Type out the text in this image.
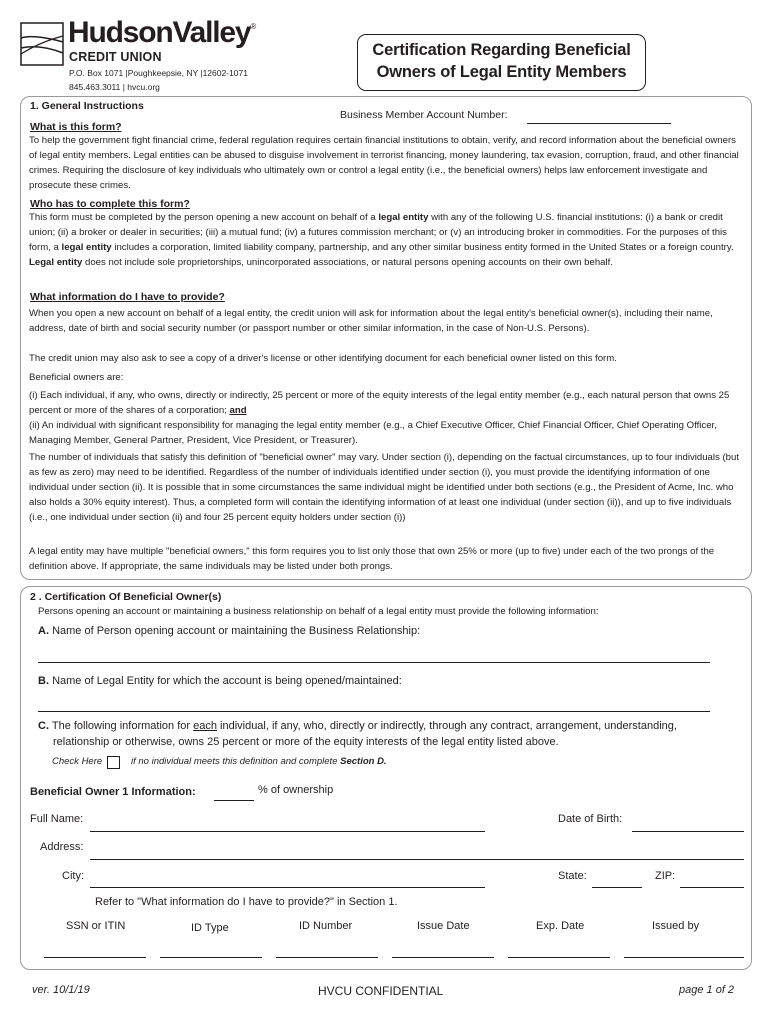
HudsonValley®
CREDIT UNION
P.O. Box 1071 |Poughkeepsie, NY |12602-1071
845.463.3011 | hvcu.org
Certification Regarding Beneficial
Owners of Legal Entity Members
1. General Instructions
Business Member Account Number:
What is this form?
To help the government fight financial crime, federal regulation requires certain financial institutions to obtain, verify, and record information about the beneficial owners of legal entity members. Legal entities can be abused to disguise involvement in terrorist financing, money laundering, tax evasion, corruption, fraud, and other financial crimes. Requiring the disclosure of key individuals who ultimately own or control a legal entity (i.e., the beneficial owners) helps law enforcement investigate and prosecute these crimes.
Who has to complete this form?
This form must be completed by the person opening a new account on behalf of a legal entity with any of the following U.S. financial institutions: (i) a bank or credit union; (ii) a broker or dealer in securities; (iii) a mutual fund; (iv) a futures commission merchant; or (v) an introducing broker in commodities. For the purposes of this form, a legal entity includes a corporation, limited liability company, partnership, and any other similar business entity formed in the United States or a foreign country. Legal entity does not include sole proprietorships, unincorporated associations, or natural persons opening accounts on their own behalf.
What information do I have to provide?
When you open a new account on behalf of a legal entity, the credit union will ask for information about the legal entity's beneficial owner(s), including their name, address, date of birth and social security number (or passport number or other similar information, in the case of Non-U.S. Persons).
The credit union may also ask to see a copy of a driver's license or other identifying document for each beneficial owner listed on this form.
Beneficial owners are:
(i) Each individual, if any, who owns, directly or indirectly, 25 percent or more of the equity interests of the legal entity member (e.g., each natural person that owns 25 percent or more of the shares of a corporation; and
(ii) An individual with significant responsibility for managing the legal entity member (e.g., a Chief Executive Officer, Chief Financial Officer, Chief Operating Officer, Managing Member, General Partner, President, Vice President, or Treasurer).
The number of individuals that satisfy this definition of "beneficial owner" may vary. Under section (i), depending on the factual circumstances, up to four individuals (but as few as zero) may need to be identified. Regardless of the number of individuals identified under section (i), you must provide the identifying information of one individual under section (ii). It is possible that in some circumstances the same individual might be identified under both sections (e.g., the President of Acme, Inc. who also holds a 30% equity interest). Thus, a completed form will contain the identifying information of at least one individual (under section (ii)), and up to five individuals (i.e., one individual under section (ii) and four 25 percent equity holders under section (i))
A legal entity may have multiple "beneficial owners," this form requires you to list only those that own 25% or more (up to five) under each of the two prongs of the definition above. If appropriate, the same individuals may be listed under both prongs.
2 . Certification Of Beneficial Owner(s)
Persons opening an account or maintaining a business relationship on behalf of a legal entity must provide the following information:
A. Name of Person opening account or maintaining the Business Relationship:
B. Name of Legal Entity for which the account is being opened/maintained:
C. The following information for each individual, if any, who, directly or indirectly, through any contract, arrangement, understanding,
relationship or otherwise, owns 25 percent or more of the equity interests of the legal entity listed above.
Check Here	if no individual meets this definition and complete Section D.
Beneficial Owner 1 Information:	% of ownership
Full Name:	Date of Birth:
Address:
City:	State:	ZIP:
Refer to "What information do I have to provide?" in Section 1.
SSN or ITIN	ID Type	ID Number	Issue Date	Exp. Date	Issued by
ver. 10/1/19	HVCU CONFIDENTIAL	page 1 of 2
